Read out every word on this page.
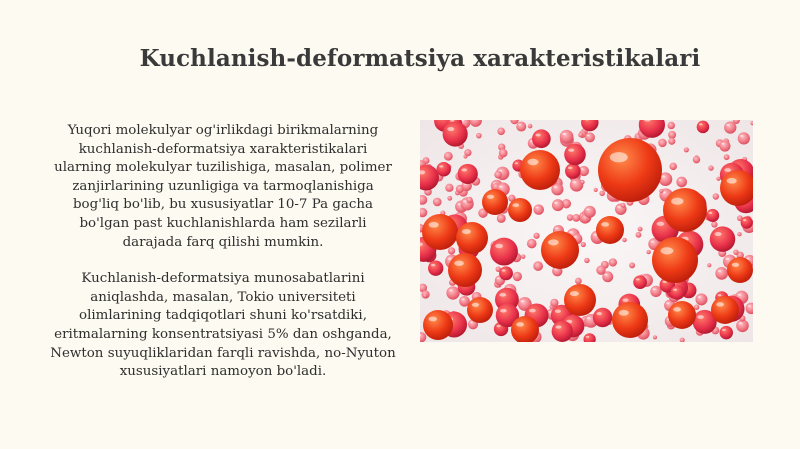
Kuchlanish-deformatsiya xarakteristikalari

Yuqori molekulyar og'irlikdagi birikmalarning kuchlanish-deformatsiya xarakteristikalari ularning molekulyar tuzilishiga, masalan, polimer zanjirlarining uzunligiga va tarmoqlanishiga bog'liq bo'lib, bu xususiyatlar 10-7 Pa gacha bo'lgan past kuchlanishlarda ham sezilarli darajada farq qilishi mumkin.

Kuchlanish-deformatsiya munosabatlarini aniqlashda, masalan, Tokio universiteti olimlarining tadqiqotlari shuni ko'rsatdiki, eritmalarning konsentratsiyasi 5% dan oshganda, Newton suyuqliklaridan farqli ravishda, no-Nyuton xususiyatlari namoyon bo'ladi.
